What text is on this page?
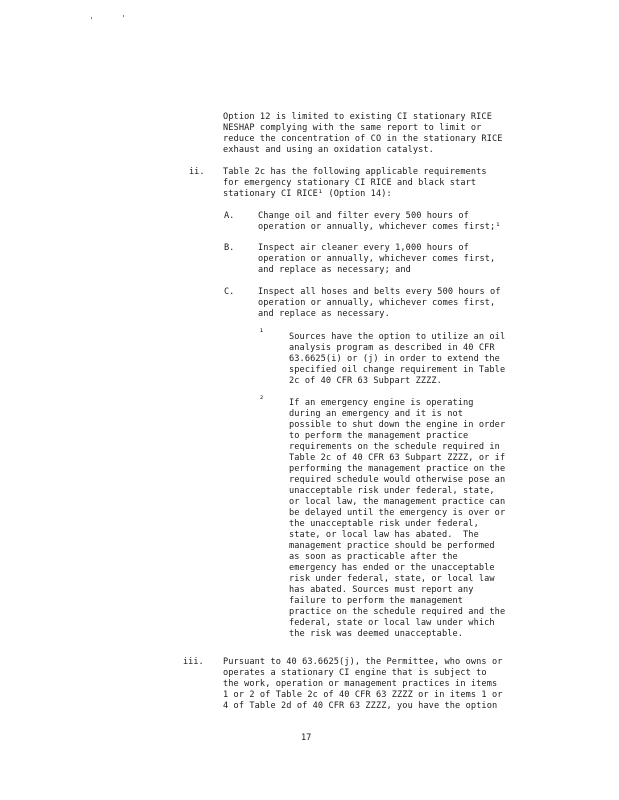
'	'
Option 12 is limited to existing CI stationary RICE
NESHAP complying with the same report to limit or
reduce the concentration of CO in the stationary RICE
exhaust and using an oxidation catalyst.
ii. Table 2c has the following applicable requirements
for emergency stationary CI RICE and black start
stationary CI RICE¹ (Option 14):
A.	Change oil and filter every 500 hours of
operation or annually, whichever comes first;¹
B.	Inspect air cleaner every 1,000 hours of
operation or annually, whichever comes first,
and replace as necessary; and
C.	Inspect all hoses and belts every 500 hours of
operation or annually, whichever comes first,
and replace as necessary.
¹	Sources have the option to utilize an oil
analysis program as described in 40 CFR
63.6625(i) or (j) in order to extend the
specified oil change requirement in Table
2c of 40 CFR 63 Subpart ZZZZ.
²	If an emergency engine is operating
during an emergency and it is not
possible to shut down the engine in order
to perform the management practice
requirements on the schedule required in
Table 2c of 40 CFR 63 Subpart ZZZZ, or if
performing the management practice on the
required schedule would otherwise pose an
unacceptable risk under federal, state,
or local law, the management practice can
be delayed until the emergency is over or
the unacceptable risk under federal,
state, or local law has abated.  The
management practice should be performed
as soon as practicable after the
emergency has ended or the unacceptable
risk under federal, state, or local law
has abated. Sources must report any
failure to perform the management
practice on the schedule required and the
federal, state or local law under which
the risk was deemed unacceptable.
iii. Pursuant to 40 63.6625(j), the Permittee, who owns or
operates a stationary CI engine that is subject to
the work, operation or management practices in items
1 or 2 of Table 2c of 40 CFR 63 ZZZZ or in items 1 or
4 of Table 2d of 40 CFR 63 ZZZZ, you have the option
17
